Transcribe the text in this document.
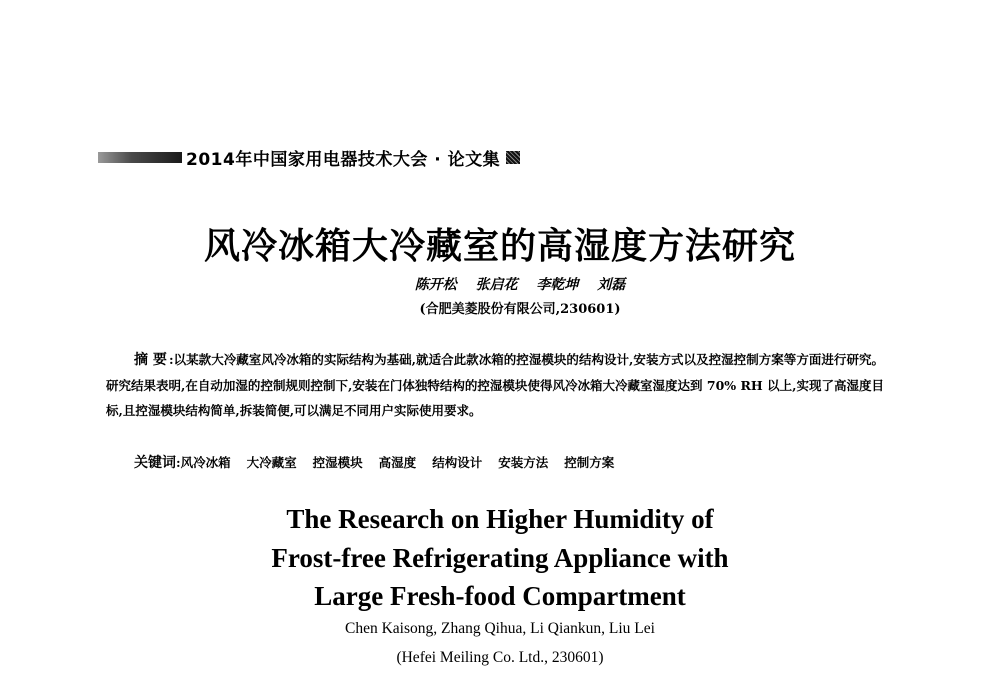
2014年中国家用电器技术大会 · 论文集
风冷冰箱大冷藏室的高湿度方法研究
陈开松 张启花 李乾坤 刘磊
(合肥美菱股份有限公司,230601)
摘 要 :以某款大冷藏室风冷冰箱的实际结构为基础,就适合此款冰箱的控湿模块的结构设计,安装方式以及控湿控制方案等方面进行研究。研究结果表明,在自动加湿的控制规则控制下,安装在门体独特结构的控湿模块使得风冷冰箱大冷藏室湿度达到 70% RH 以上,实现了高湿度目标,且控湿模块结构简单,拆装简便,可以满足不同用户实际使用要求。
关键词:风冷冰箱 大冷藏室 控湿模块 高湿度 结构设计 安装方法 控制方案
The Research on Higher Humidity of
Frost-free Refrigerating Appliance with
Large Fresh-food Compartment
Chen Kaisong, Zhang Qihua, Li Qiankun, Liu Lei
(Hefei Meiling Co. Ltd., 230601)
